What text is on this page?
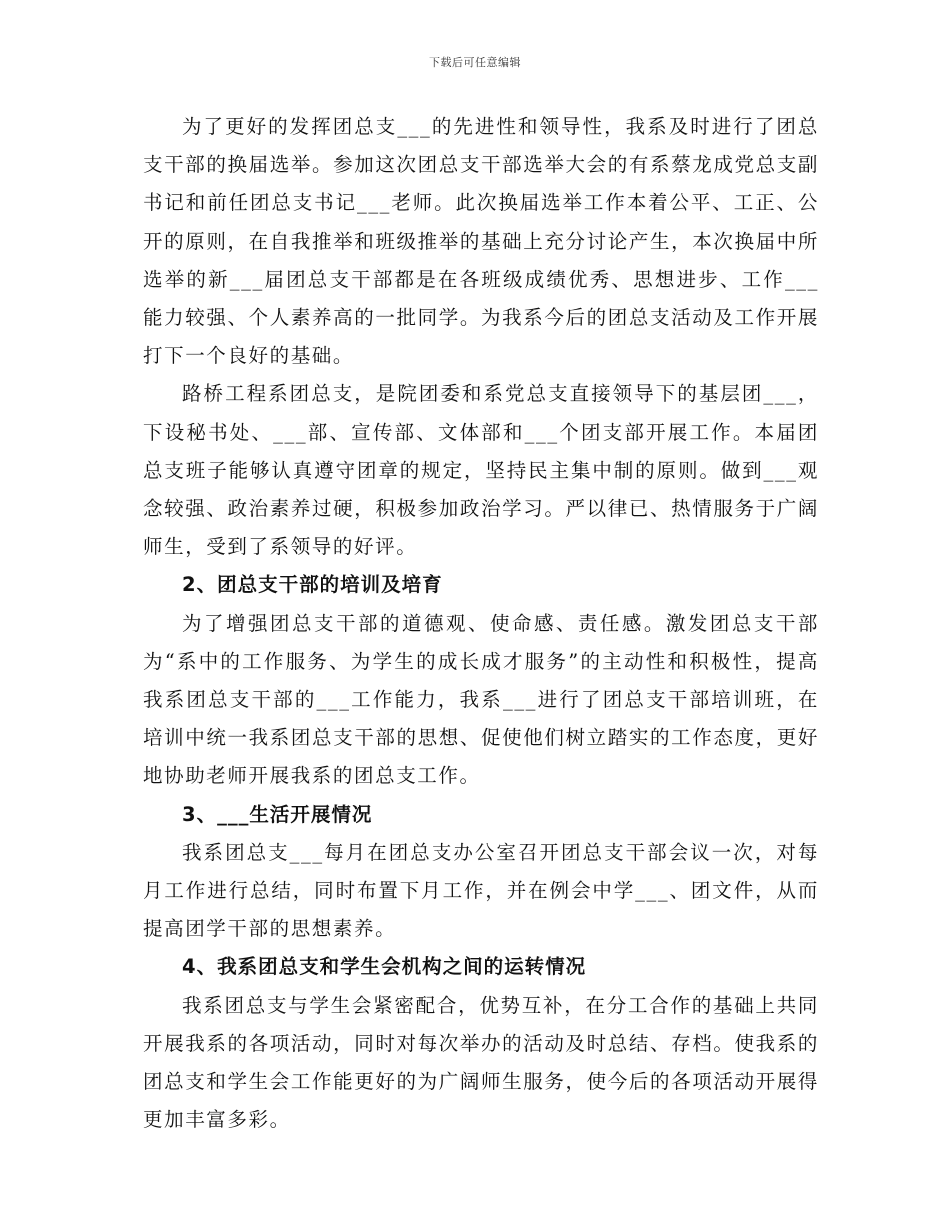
下载后可任意编辑

为了更好的发挥团总支___的先进性和领导性，我系及时进行了团总支干部的换届选举。参加这次团总支干部选举大会的有系蔡龙成党总支副书记和前任团总支书记___老师。此次换届选举工作本着公平、工正、公开的原则，在自我推举和班级推举的基础上充分讨论产生，本次换届中所选举的新___届团总支干部都是在各班级成绩优秀、思想进步、工作___能力较强、个人素养高的一批同学。为我系今后的团总支活动及工作开展打下一个良好的基础。

路桥工程系团总支，是院团委和系党总支直接领导下的基层团___，下设秘书处、___部、宣传部、文体部和___个团支部开展工作。本届团总支班子能够认真遵守团章的规定，坚持民主集中制的原则。做到___观念较强、政治素养过硬，积极参加政治学习。严以律已、热情服务于广阔师生，受到了系领导的好评。

2、团总支干部的培训及培育

为了增强团总支干部的道德观、使命感、责任感。激发团总支干部为“系中的工作服务、为学生的成长成才服务”的主动性和积极性，提高我系团总支干部的___工作能力，我系___进行了团总支干部培训班，在培训中统一我系团总支干部的思想、促使他们树立踏实的工作态度，更好地协助老师开展我系的团总支工作。

3、___生活开展情况

我系团总支___每月在团总支办公室召开团总支干部会议一次，对每月工作进行总结，同时布置下月工作，并在例会中学___、团文件，从而提高团学干部的思想素养。

4、我系团总支和学生会机构之间的运转情况

我系团总支与学生会紧密配合，优势互补，在分工合作的基础上共同开展我系的各项活动，同时对每次举办的活动及时总结、存档。使我系的团总支和学生会工作能更好的为广阔师生服务，使今后的各项活动开展得更加丰富多彩。
